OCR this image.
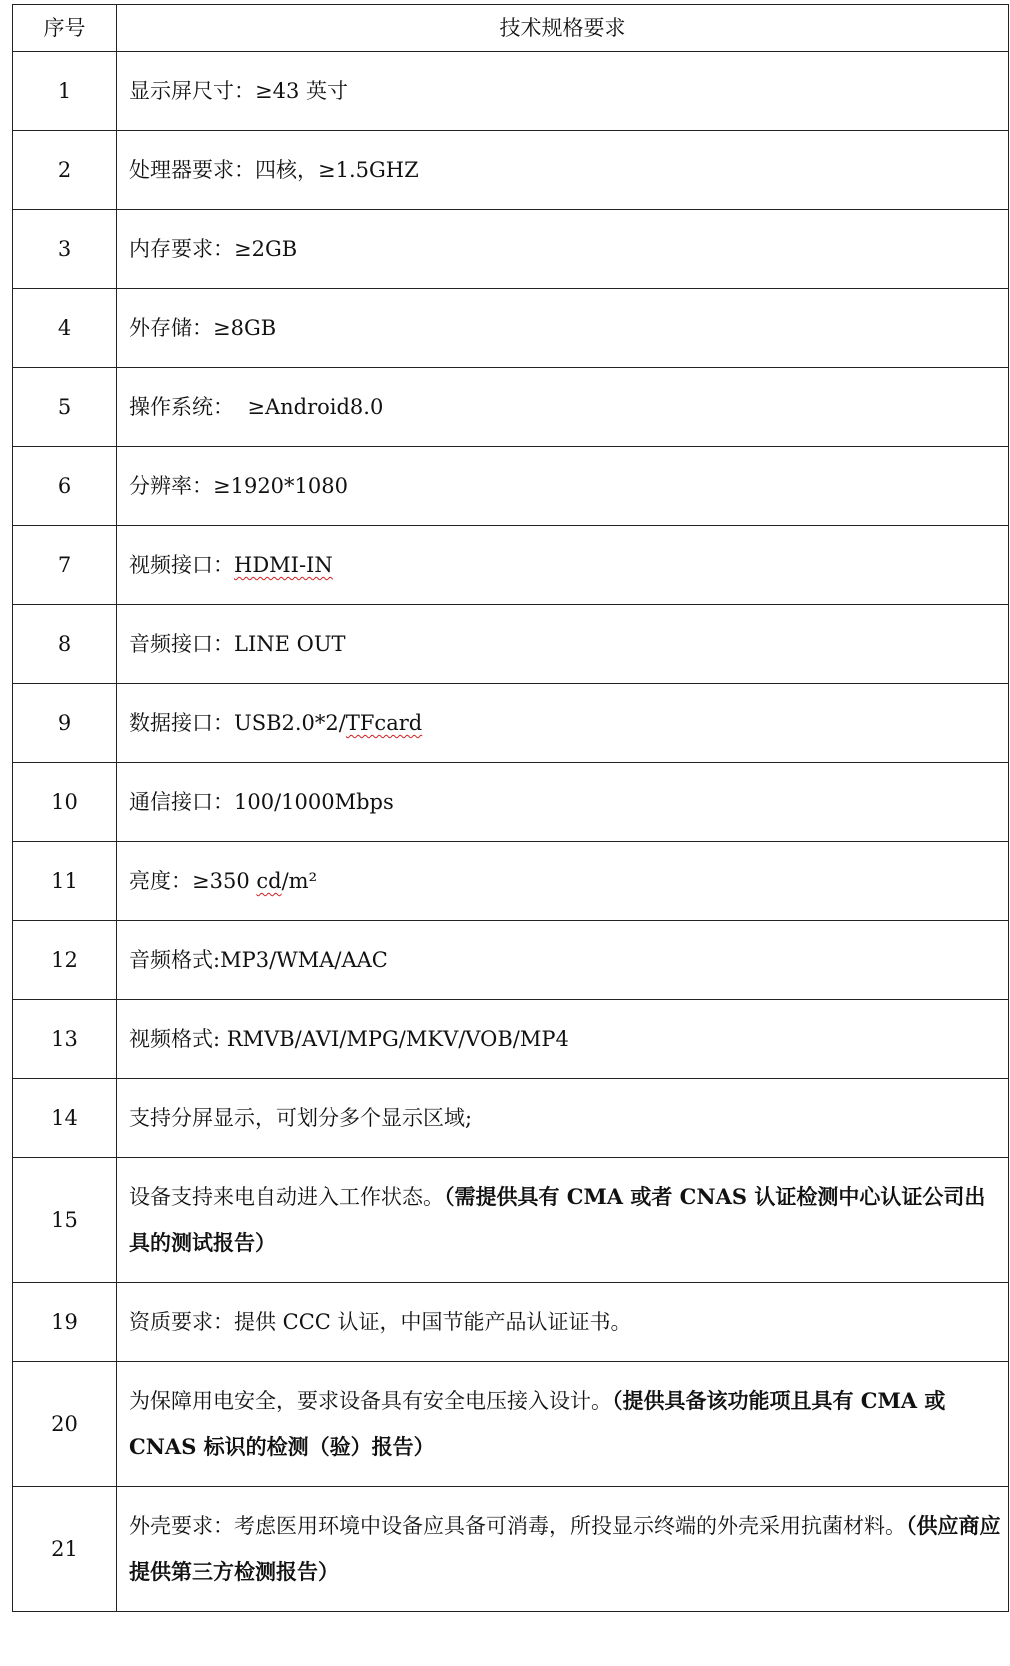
序号	技术规格要求
1	显示屏尺寸：≥43 英寸
2	处理器要求：四核，≥1.5GHZ
3	内存要求：≥2GB
4	外存储：≥8GB
5	操作系统：  ≥Android8.0
6	分辨率：≥1920*1080
7	视频接口：HDMI-IN
8	音频接口：LINE OUT
9	数据接口：USB2.0*2/TFcard
10	通信接口：100/1000Mbps
11	亮度：≥350 cd/m²
12	音频格式:MP3/WMA/AAC
13	视频格式: RMVB/AVI/MPG/MKV/VOB/MP4
14	支持分屏显示，可划分多个显示区域;
15	设备支持来电自动进入工作状态。（需提供具有 CMA 或者 CNAS 认证检测中心认证公司出具的测试报告）
19	资质要求：提供 CCC 认证，中国节能产品认证证书。
20	为保障用电安全，要求设备具有安全电压接入设计。（提供具备该功能项且具有 CMA 或 CNAS 标识的检测（验）报告）
21	外壳要求：考虑医用环境中设备应具备可消毒，所投显示终端的外壳采用抗菌材料。（供应商应提供第三方检测报告）
